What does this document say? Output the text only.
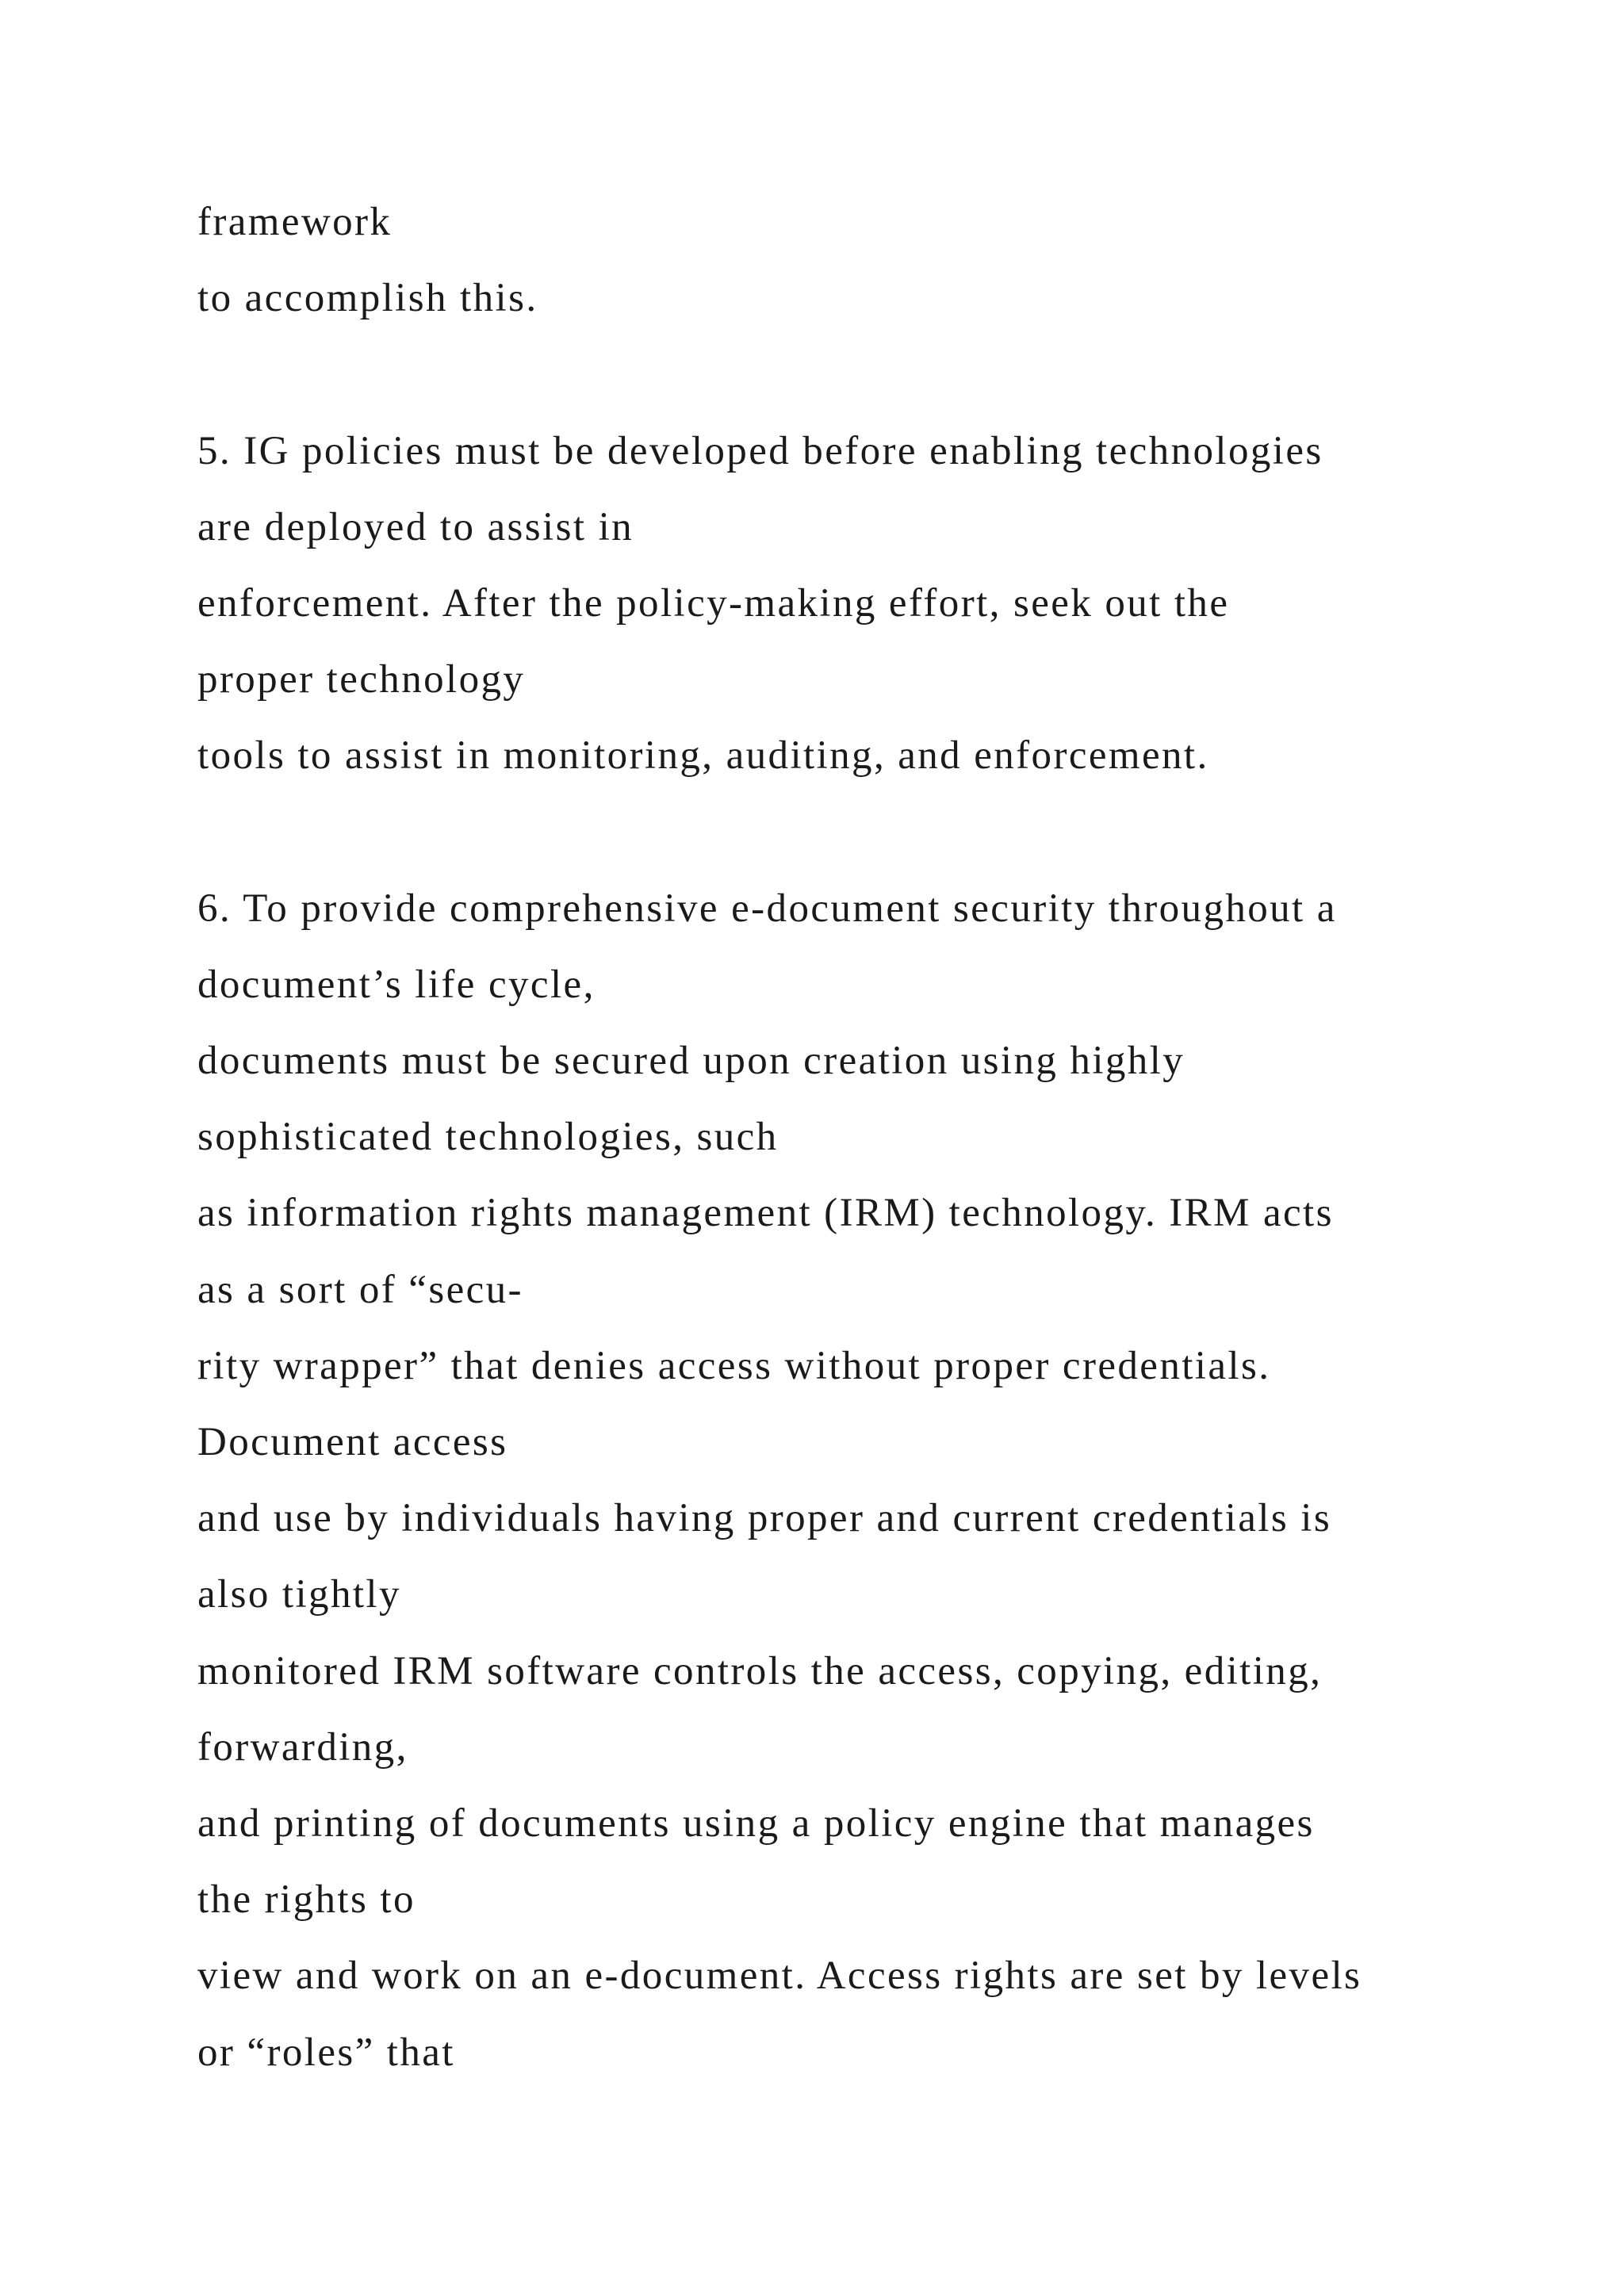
framework
to accomplish this.
5. IG policies must be developed before enabling technologies
are deployed to assist in
enforcement. After the policy-making effort, seek out the
proper technology
tools to assist in monitoring, auditing, and enforcement.
6. To provide comprehensive e-document security throughout a
document’s life cycle,
documents must be secured upon creation using highly
sophisticated technologies, such
as information rights management (IRM) technology. IRM acts
as a sort of “secu-
rity wrapper” that denies access without proper credentials.
Document access
and use by individuals having proper and current credentials is
also tightly
monitored IRM software controls the access, copying, editing,
forwarding,
and printing of documents using a policy engine that manages
the rights to
view and work on an e-document. Access rights are set by levels
or “roles” that
